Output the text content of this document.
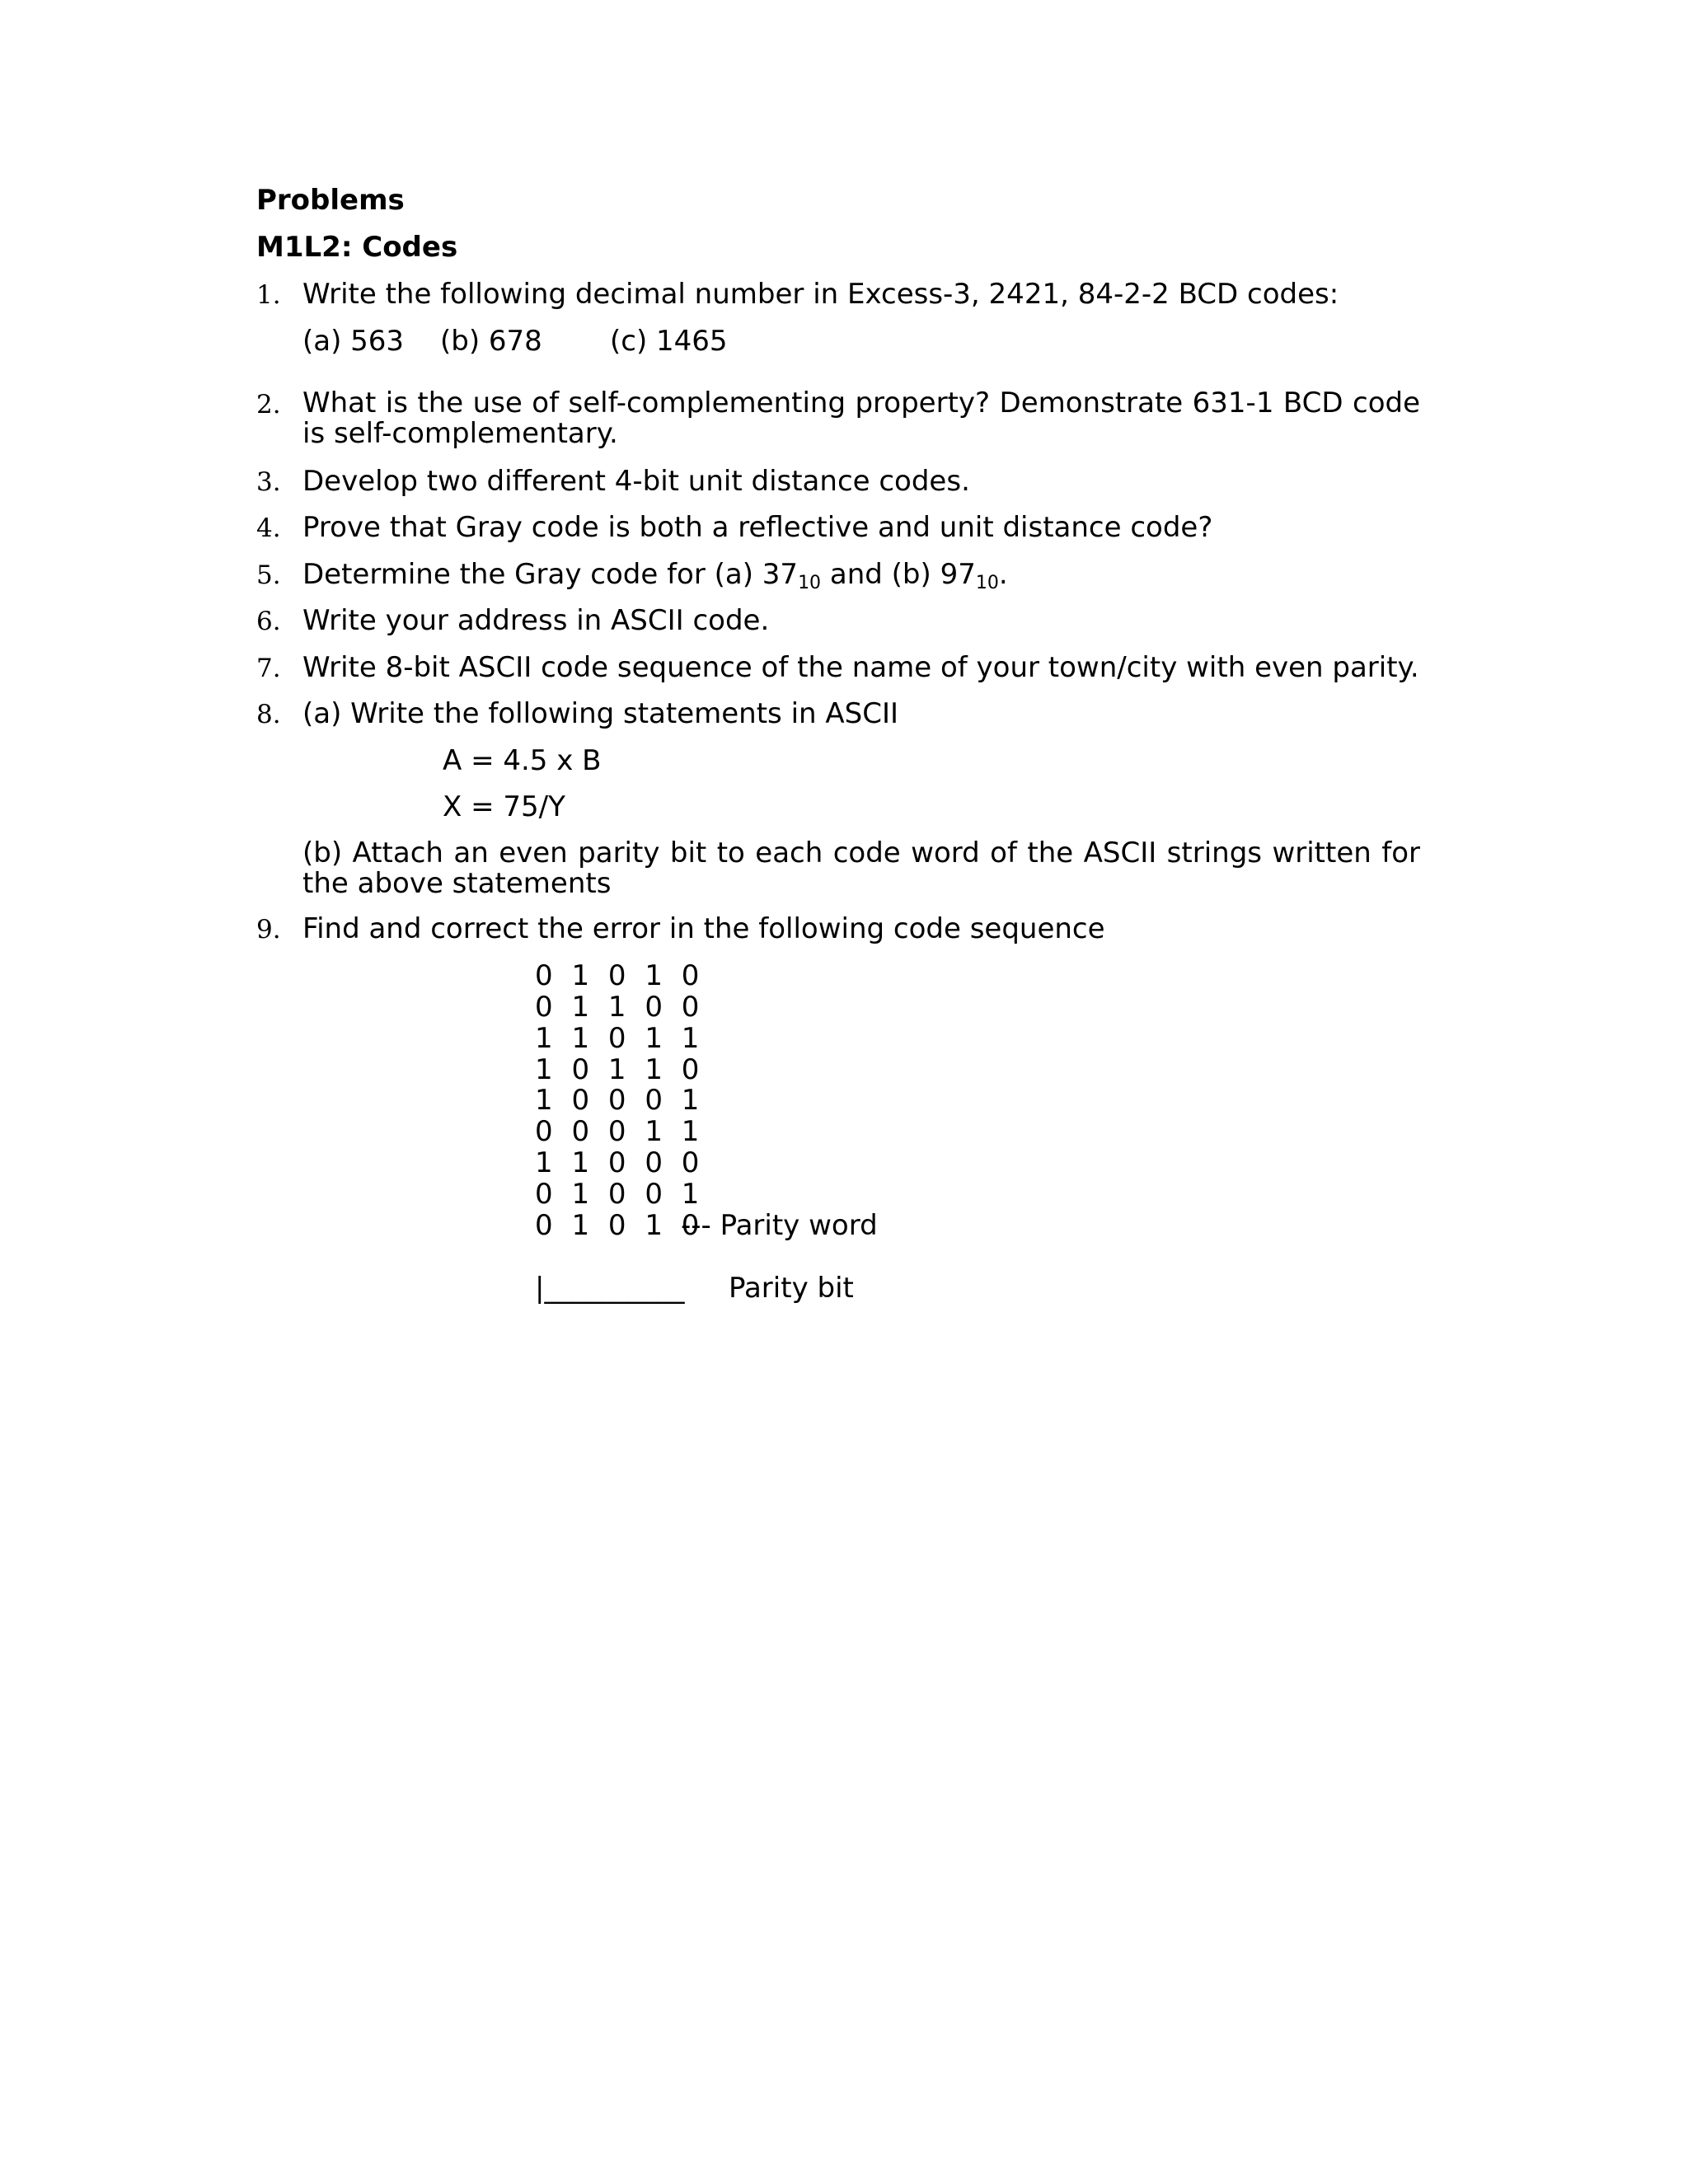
Problems
M1L2: Codes
1. Write the following decimal number in Excess-3, 2421, 84-2-2 BCD codes:
(a) 563 (b) 678 (c) 1465
2. What is the use of self-complementing property? Demonstrate 631-1 BCD code is self-complementary.
3. Develop two different 4-bit unit distance codes.
4. Prove that Gray code is both a reflective and unit distance code?
5. Determine the Gray code for (a) $37_{10}$ and (b) $97_{10}$.
6. Write your address in ASCII code.
7. Write 8-bit ASCII code sequence of the name of your town/city with even parity.
8. (a) Write the following statements in ASCII
A = 4.5 x B
X = 75/Y
(b) Attach an even parity bit to each code word of the ASCII strings written for the above statements
9. Find and correct the error in the following code sequence
0 1 0 1 0
0 1 1 0 0
1 1 0 1 1
1 0 1 1 0
1 0 0 0 1
0 0 0 1 1
1 1 0 0 0
0 1 0 0 1
0 1 0 1 0
--- Parity word
|__________ Parity bit
